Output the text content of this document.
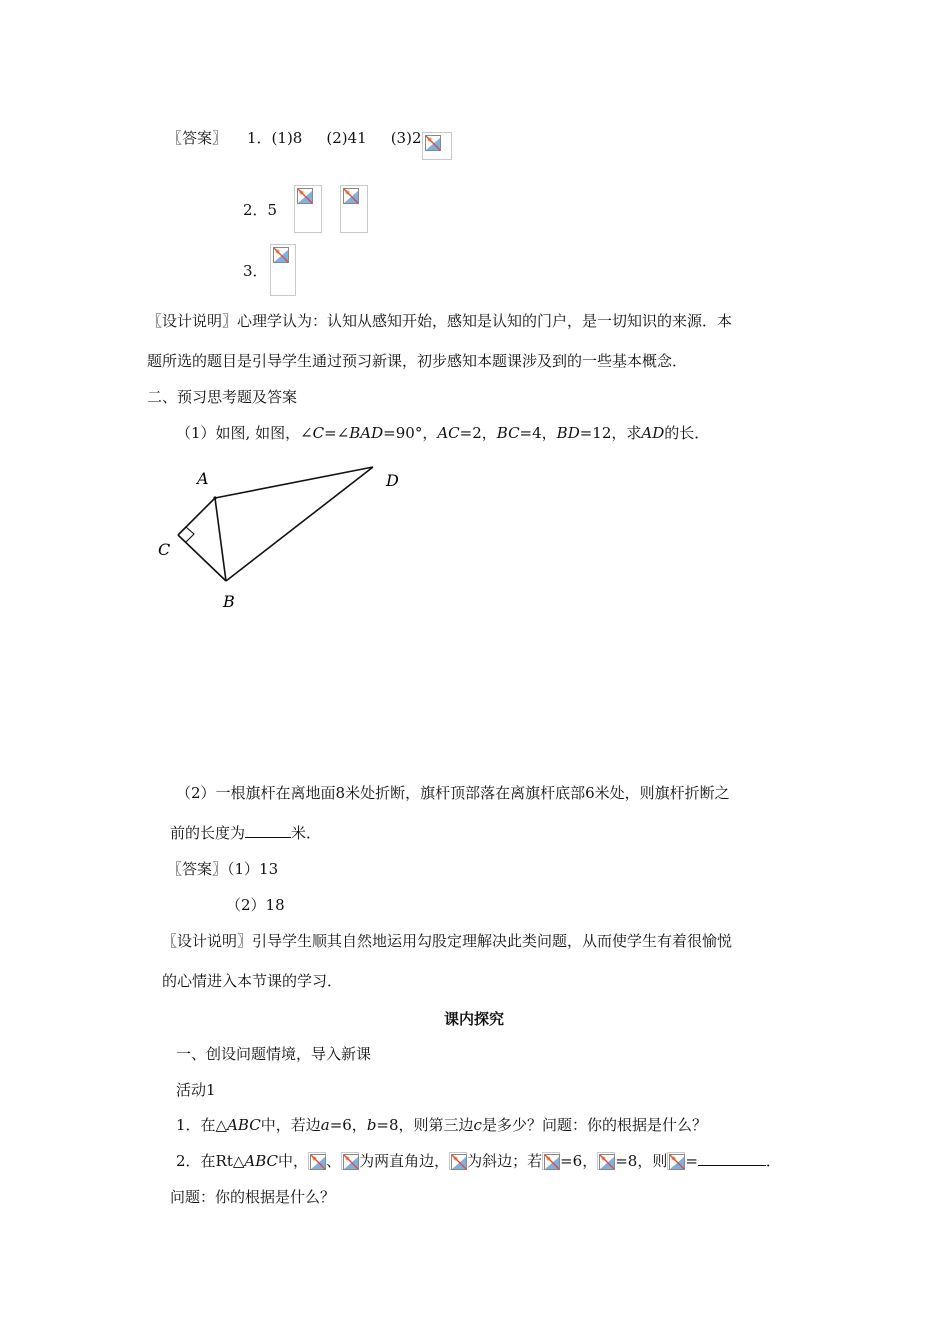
〖答案〗 1．(1)8 (2)41 (3)2
2．5
3．
〖设计说明〗心理学认为：认知从感知开始，感知是认知的门户，是一切知识的来源．本
题所选的题目是引导学生通过预习新课，初步感知本题课涉及到的一些基本概念．
二、预习思考题及答案
（1）如图, 如图，∠C=∠BAD=90°，AC=2，BC=4，BD=12，求AD的长．
A	D
C
B
（2）一根旗杆在离地面8米处折断，旗杆顶部落在离旗杆底部6米处，则旗杆折断之
前的长度为	米．
〖答案〗（1）13
（2）18
〖设计说明〗引导学生顺其自然地运用勾股定理解决此类问题，从而使学生有着很愉悦
的心情进入本节课的学习．
课内探究
一、创设问题情境，导入新课
活动1
1．在△ABC中，若边a=6，b=8，则第三边c是多少？问题：你的根据是什么？
2．在Rt△ABC中， 、 为两直角边， 为斜边；若 =6， =8，则 =	．
问题：你的根据是什么？
